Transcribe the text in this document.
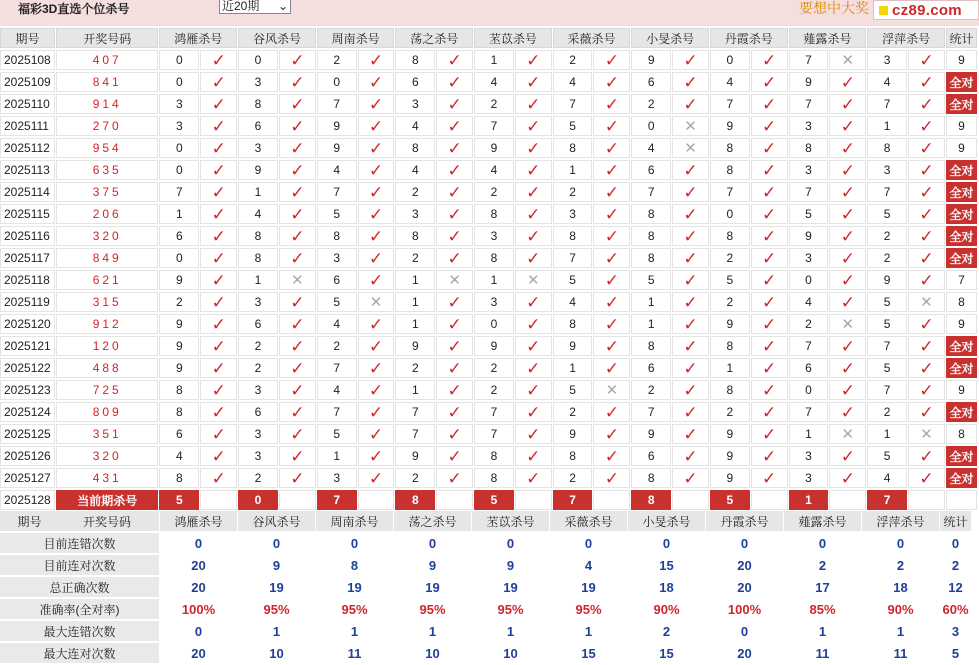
福彩3D直选个位杀号	近20期 ⌄	要想中大奖 cz89.com
期号	开奖号码	鸿雁杀号		谷风杀号		周南杀号		荡之杀号		苤苡杀号		采薇杀号		小旻杀号		丹霞杀号		薤露杀号		浮萍杀号		统计
2025108	407	0	✓	0	✓	2	✓	8	✓	1	✓	2	✓	9	✓	0	✓	7	✕	3	✓	9
2025109	841	0	✓	3	✓	0	✓	6	✓	4	✓	4	✓	6	✓	4	✓	9	✓	4	✓	全对
2025110	914	3	✓	8	✓	7	✓	3	✓	2	✓	7	✓	2	✓	7	✓	7	✓	7	✓	全对
2025111	270	3	✓	6	✓	9	✓	4	✓	7	✓	5	✓	0	✕	9	✓	3	✓	1	✓	9
2025112	954	0	✓	3	✓	9	✓	8	✓	9	✓	8	✓	4	✕	8	✓	8	✓	8	✓	9
2025113	635	0	✓	9	✓	4	✓	4	✓	4	✓	1	✓	6	✓	8	✓	3	✓	3	✓	全对
2025114	375	7	✓	1	✓	7	✓	2	✓	2	✓	2	✓	7	✓	7	✓	7	✓	7	✓	全对
2025115	206	1	✓	4	✓	5	✓	3	✓	8	✓	3	✓	8	✓	0	✓	5	✓	5	✓	全对
2025116	320	6	✓	8	✓	8	✓	8	✓	3	✓	8	✓	8	✓	8	✓	9	✓	2	✓	全对
2025117	849	0	✓	8	✓	3	✓	2	✓	8	✓	7	✓	8	✓	2	✓	3	✓	2	✓	全对
2025118	621	9	✓	1	✕	6	✓	1	✕	1	✕	5	✓	5	✓	5	✓	0	✓	9	✓	7
2025119	315	2	✓	3	✓	5	✕	1	✓	3	✓	4	✓	1	✓	2	✓	4	✓	5	✕	8
2025120	912	9	✓	6	✓	4	✓	1	✓	0	✓	8	✓	1	✓	9	✓	2	✕	5	✓	9
2025121	120	9	✓	2	✓	2	✓	9	✓	9	✓	9	✓	8	✓	8	✓	7	✓	7	✓	全对
2025122	488	9	✓	2	✓	7	✓	2	✓	2	✓	1	✓	6	✓	1	✓	6	✓	5	✓	全对
2025123	725	8	✓	3	✓	4	✓	1	✓	2	✓	5	✕	2	✓	8	✓	0	✓	7	✓	9
2025124	809	8	✓	6	✓	7	✓	7	✓	7	✓	2	✓	7	✓	2	✓	7	✓	2	✓	全对
2025125	351	6	✓	3	✓	5	✓	7	✓	7	✓	9	✓	9	✓	9	✓	1	✕	1	✕	8
2025126	320	4	✓	3	✓	1	✓	9	✓	8	✓	8	✓	6	✓	9	✓	3	✓	5	✓	全对
2025127	431	8	✓	2	✓	3	✓	2	✓	8	✓	2	✓	8	✓	9	✓	3	✓	4	✓	全对
2025128	当前期杀号	5		0		7		8		5		7		8		5		1		7		
期号 开奖号码	鸿雁杀号	谷风杀号	周南杀号	荡之杀号	苤苡杀号	采薇杀号	小旻杀号	丹霞杀号	薤露杀号	浮萍杀号	统计
目前连错次数	0	0	0	0	0	0	0	0	0	0	0
目前连对次数	20	9	8	9	9	4	15	20	2	2	2
总正确次数	20	19	19	19	19	19	18	20	17	18	12
准确率(全对率)	100%	95%	95%	95%	95%	95%	90%	100%	85%	90%	60%
最大连错次数	0	1	1	1	1	1	2	0	1	1	3
最大连对次数	20	10	11	10	10	15	15	20	11	11	5
